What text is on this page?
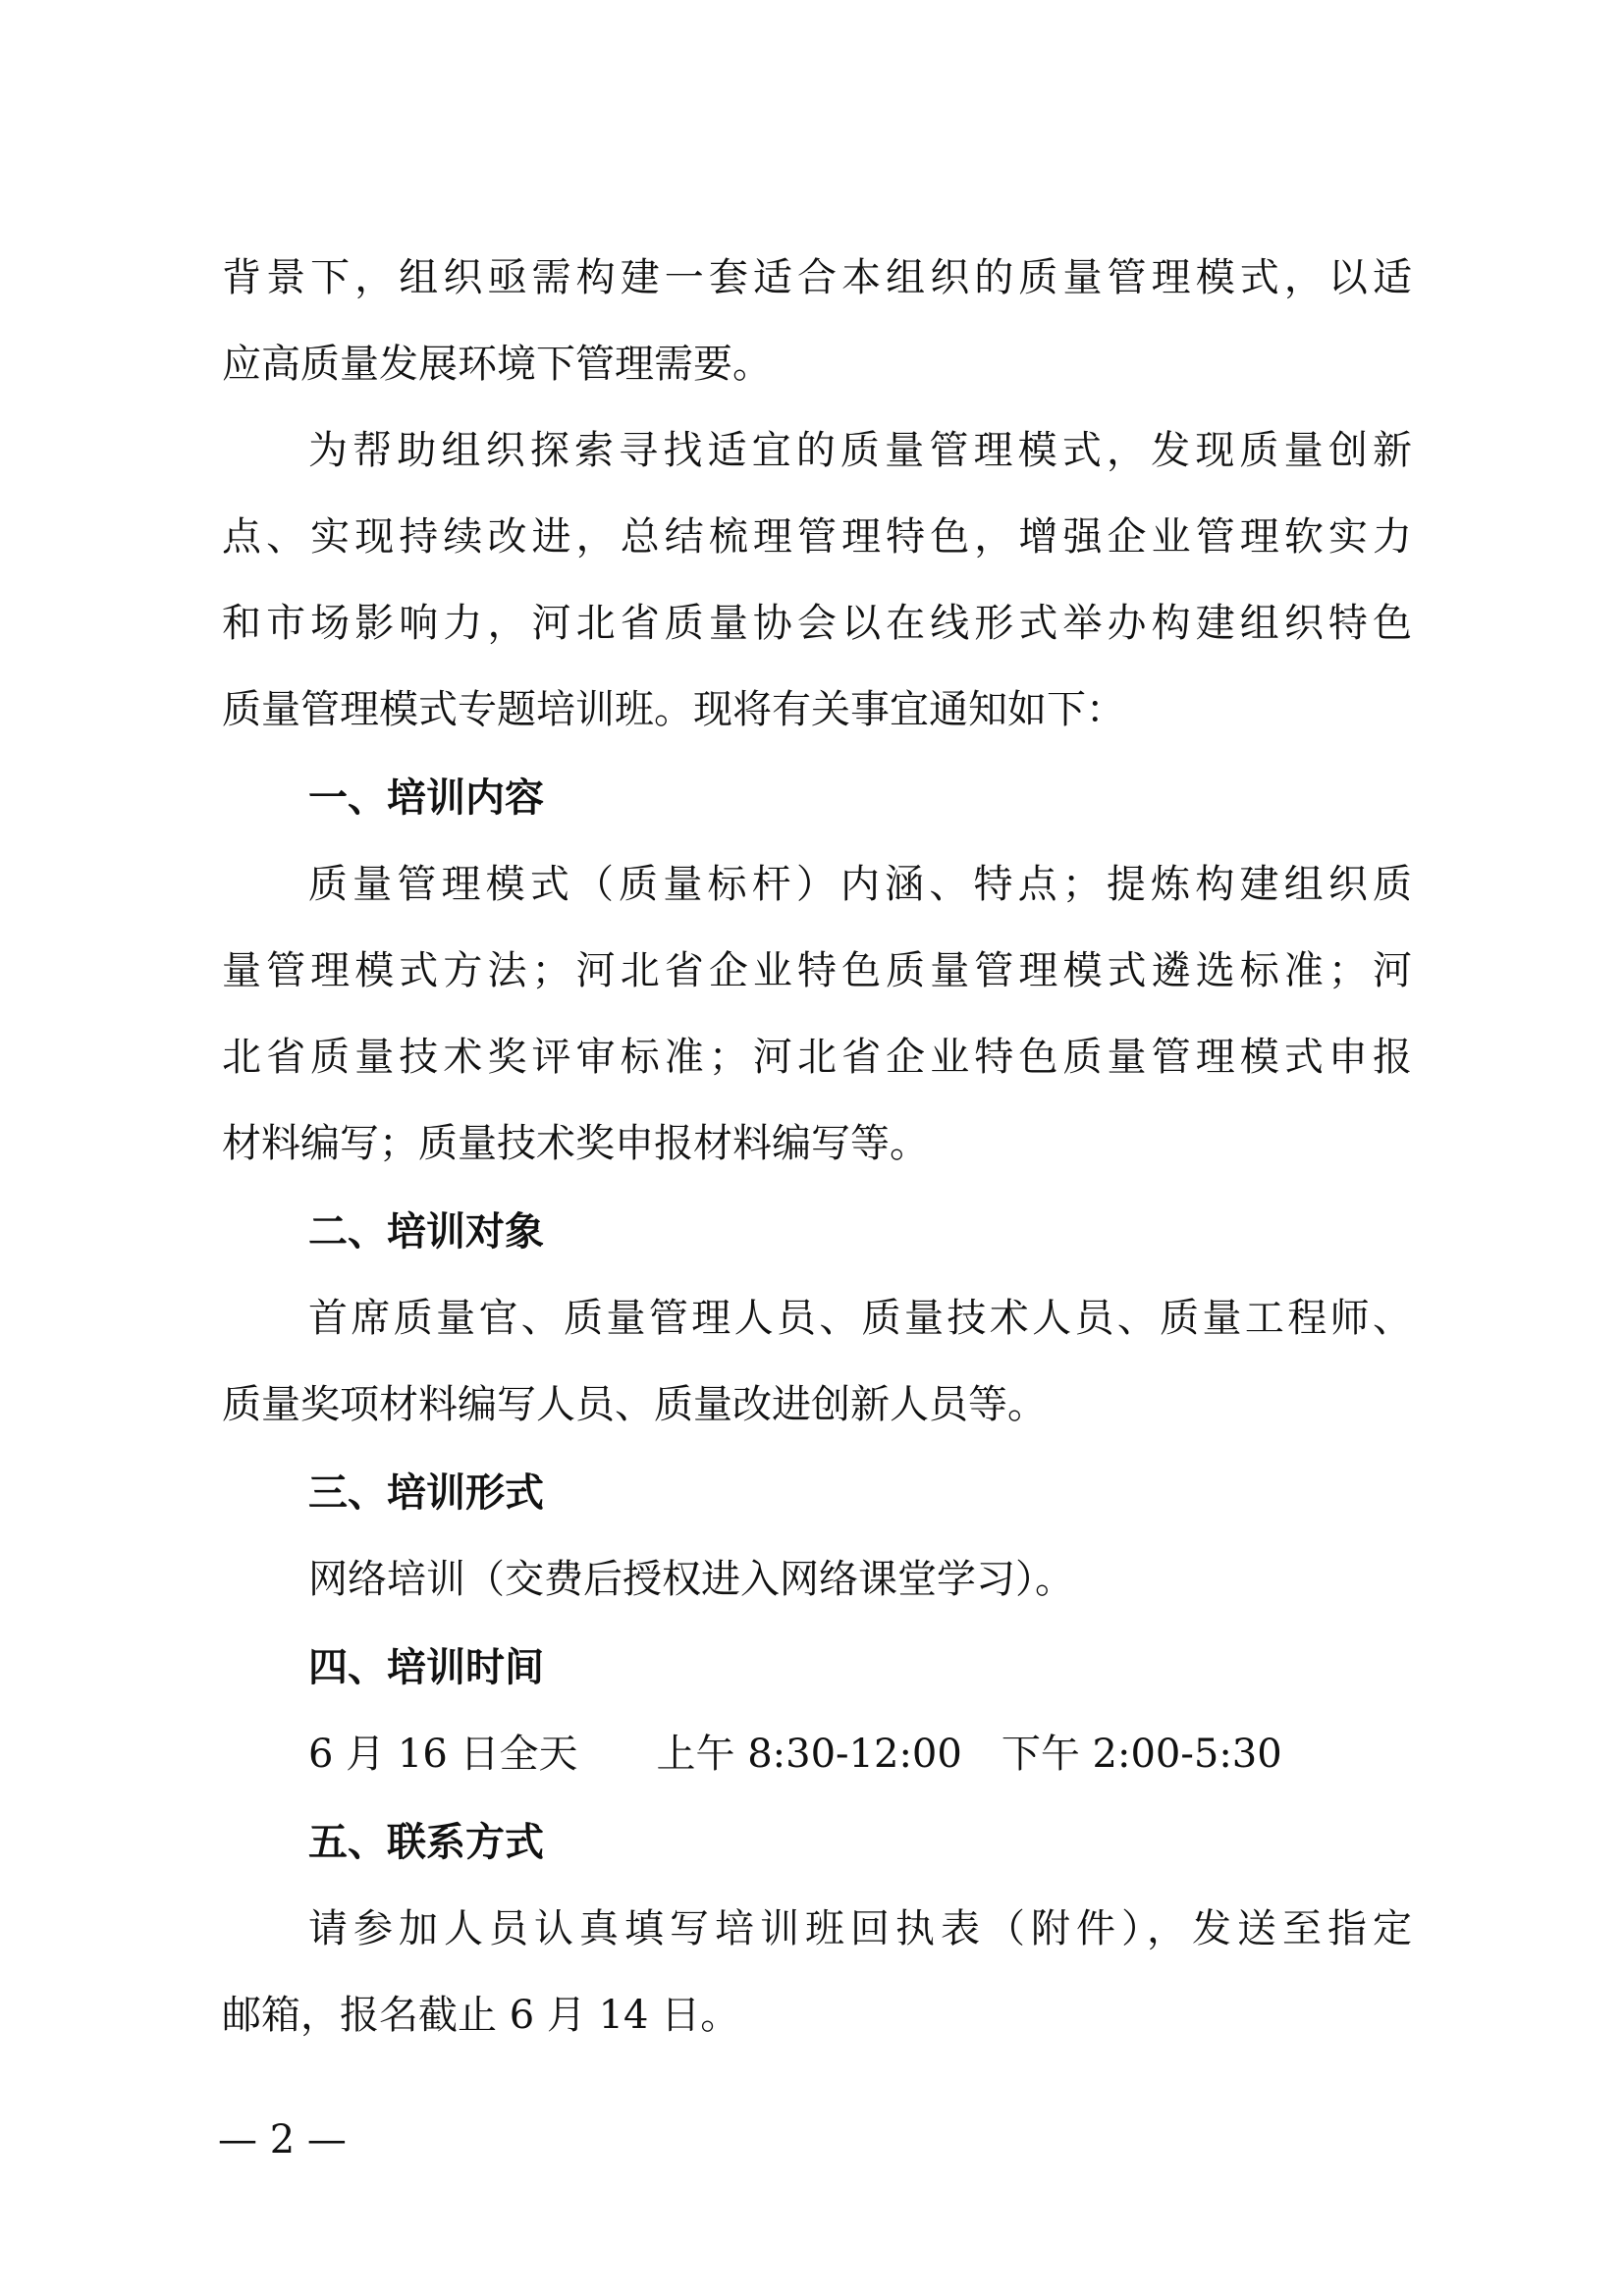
背景下，组织亟需构建一套适合本组织的质量管理模式，以适
应高质量发展环境下管理需要。
为帮助组织探索寻找适宜的质量管理模式，发现质量创新
点、实现持续改进，总结梳理管理特色，增强企业管理软实力
和市场影响力，河北省质量协会以在线形式举办构建组织特色
质量管理模式专题培训班。现将有关事宜通知如下：
一、培训内容
质量管理模式（质量标杆）内涵、特点；提炼构建组织质
量管理模式方法；河北省企业特色质量管理模式遴选标准；河
北省质量技术奖评审标准；河北省企业特色质量管理模式申报
材料编写；质量技术奖申报材料编写等。
二、培训对象
首席质量官、质量管理人员、质量技术人员、质量工程师、
质量奖项材料编写人员、质量改进创新人员等。
三、培训形式
网络培训（交费后授权进入网络课堂学习）。
四、培训时间
6 月 16 日全天　　上午 8:30-12:00　下午 2:00-5:30
五、联系方式
请参加人员认真填写培训班回执表（附件），发送至指定
邮箱，报名截止 6 月 14 日。
— 2 —
